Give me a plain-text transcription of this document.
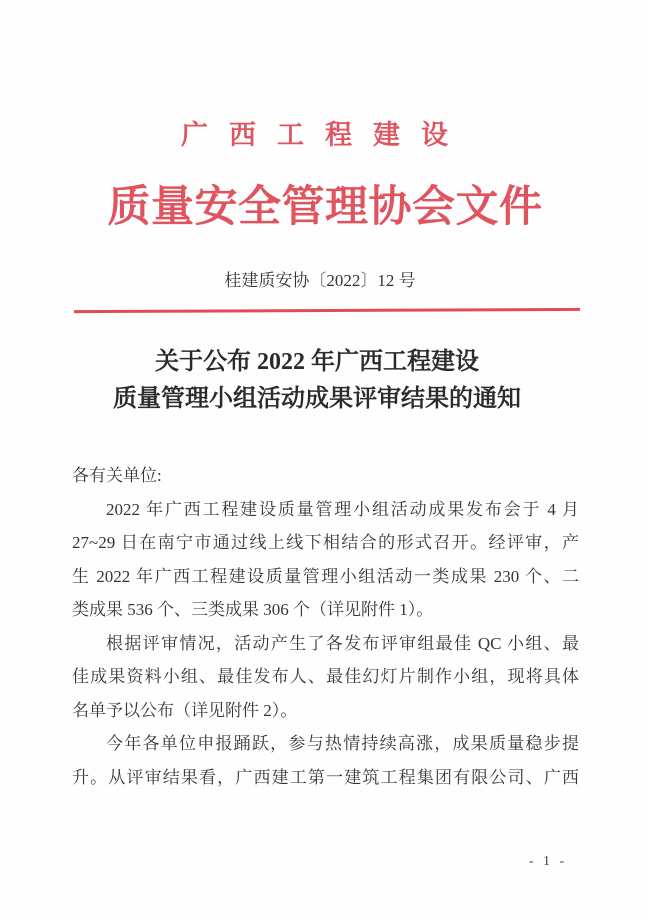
广西工程建设
质量安全管理协会文件
桂建质安协〔2022〕12 号
关于公布 2022 年广西工程建设
质量管理小组活动成果评审结果的通知
各有关单位:
2022 年广西工程建设质量管理小组活动成果发布会于 4 月
27~29 日在南宁市通过线上线下相结合的形式召开。经评审，产
生 2022 年广西工程建设质量管理小组活动一类成果 230 个、二
类成果 536 个、三类成果 306 个（详见附件 1）。
根据评审情况，活动产生了各发布评审组最佳 QC 小组、最
佳成果资料小组、最佳发布人、最佳幻灯片制作小组，现将具体
名单予以公布（详见附件 2）。
今年各单位申报踊跃，参与热情持续高涨，成果质量稳步提
升。从评审结果看，广西建工第一建筑工程集团有限公司、广西
- 1 -
